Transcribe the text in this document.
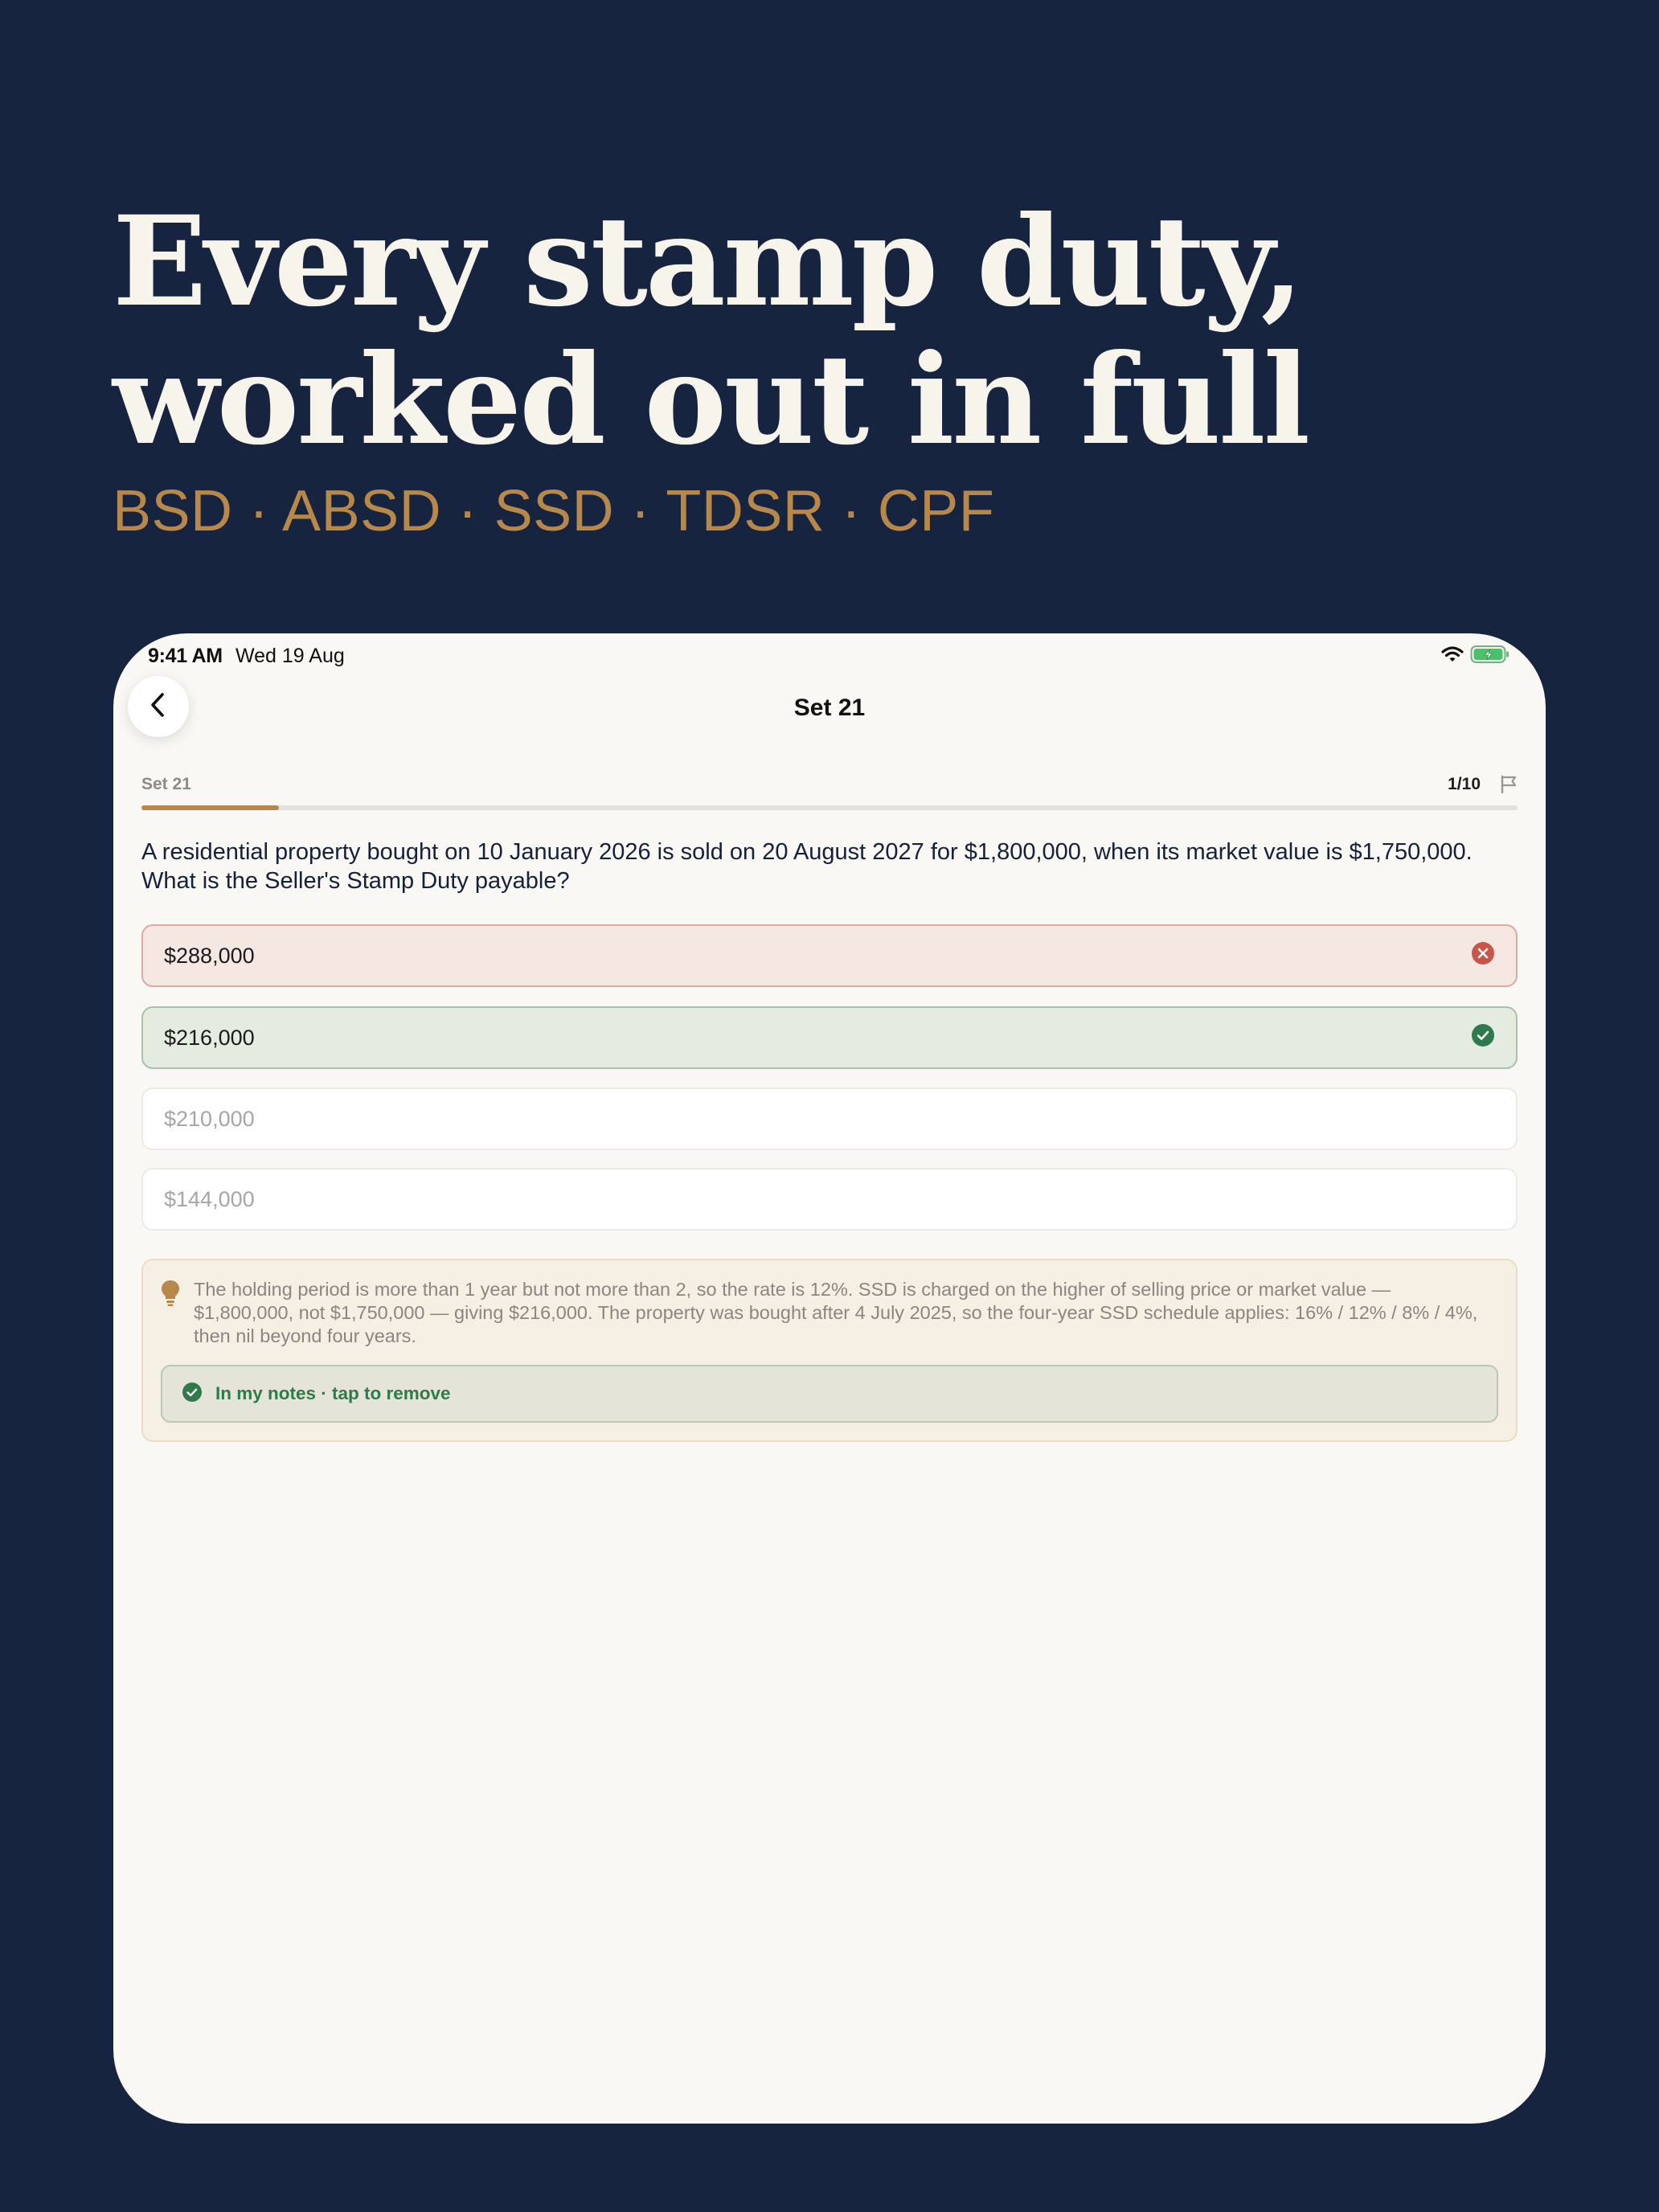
Every stamp duty,
worked out in full
BSD · ABSD · SSD · TDSR · CPF
9:41 AM Wed 19 Aug
Set 21
Set 21	1/10
A residential property bought on 10 January 2026 is sold on 20 August 2027 for $1,800,000, when its market value is $1,750,000. What is the Seller's Stamp Duty payable?
$288,000
$216,000
$210,000
$144,000
The holding period is more than 1 year but not more than 2, so the rate is 12%. SSD is charged on the higher of selling price or market value — $1,800,000, not $1,750,000 — giving $216,000. The property was bought after 4 July 2025, so the four-year SSD schedule applies: 16% / 12% / 8% / 4%, then nil beyond four years.
In my notes · tap to remove
